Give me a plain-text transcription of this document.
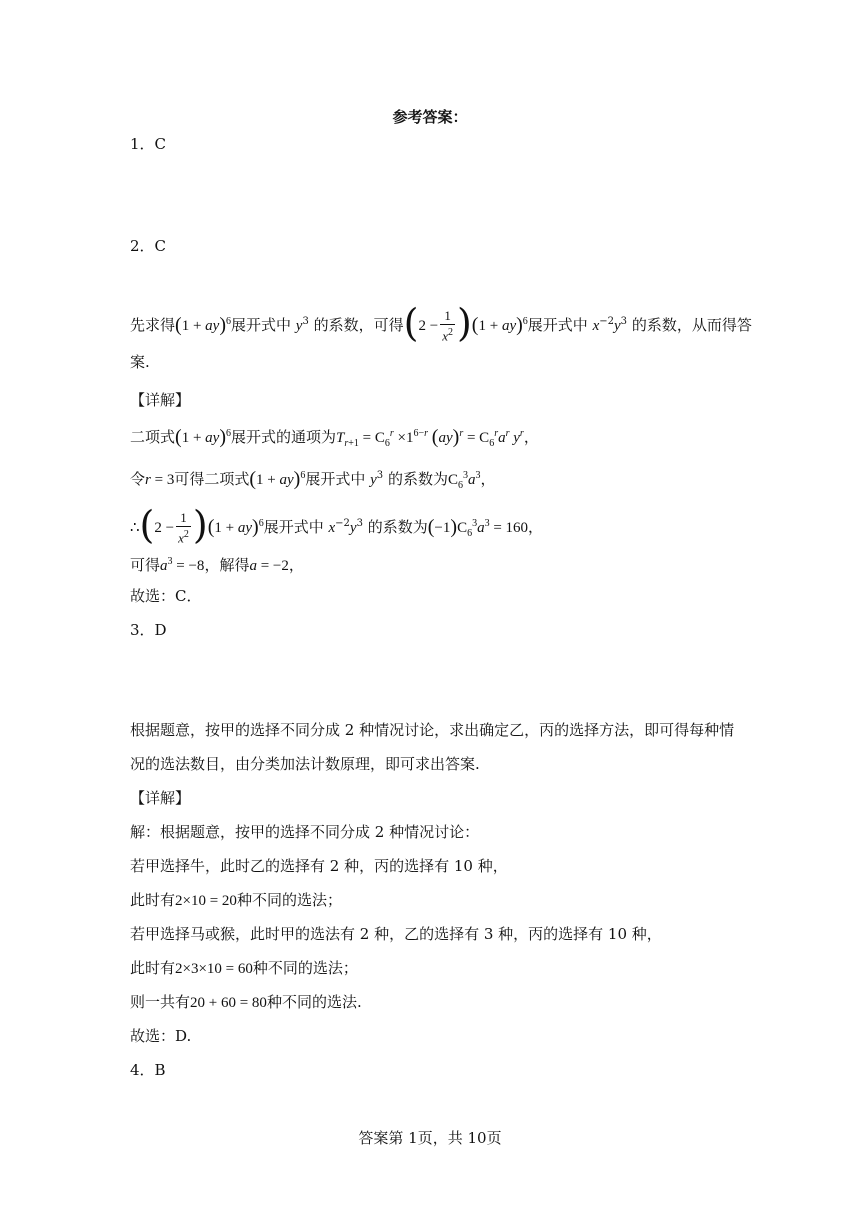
参考答案：
1．C
2．C
先求得(1 + ay)$^6$展开式中 $y^3$ 的系数，可得$(2 - \frac{1}{x^2} )(1 + ay)^6$展开式中 $x^{-2}y^3$ 的系数，从而得答
案.
【详解】
二项式(1 + ay)$^6$展开式的通项为$T_{r+1} = C_6^r \times 1^{6-r}$ $(ay)^r = C_6^ra^r$ $y^r$，
令r = 3可得二项式(1 + ay)$^6$展开式中 $y^3$ 的系数为$C_6^3a^3$，
∴(2 − $\frac{1}{x^2} )(1 + ay)^6$展开式中 $x^{-2}y^3$ 的系数为$(-1)C_6^3a^3 = 160$，
可得$a^3 = -8$，解得a = −2，
故选：C．
3．D
根据题意，按甲的选择不同分成 2 种情况讨论，求出确定乙，丙的选择方法，即可得每种情
况的选法数目，由分类加法计数原理，即可求出答案.
【详解】
解：根据题意，按甲的选择不同分成 2 种情况讨论：
若甲选择牛，此时乙的选择有 2 种，丙的选择有 10 种，
此时有2×10 = 20种不同的选法；
若甲选择马或猴，此时甲的选法有 2 种，乙的选择有 3 种，丙的选择有 10 种，
此时有2×3×10 = 60种不同的选法；
则一共有20 + 60 = 80种不同的选法.
故选：D.
4．B
答案第 1页，共 10页
